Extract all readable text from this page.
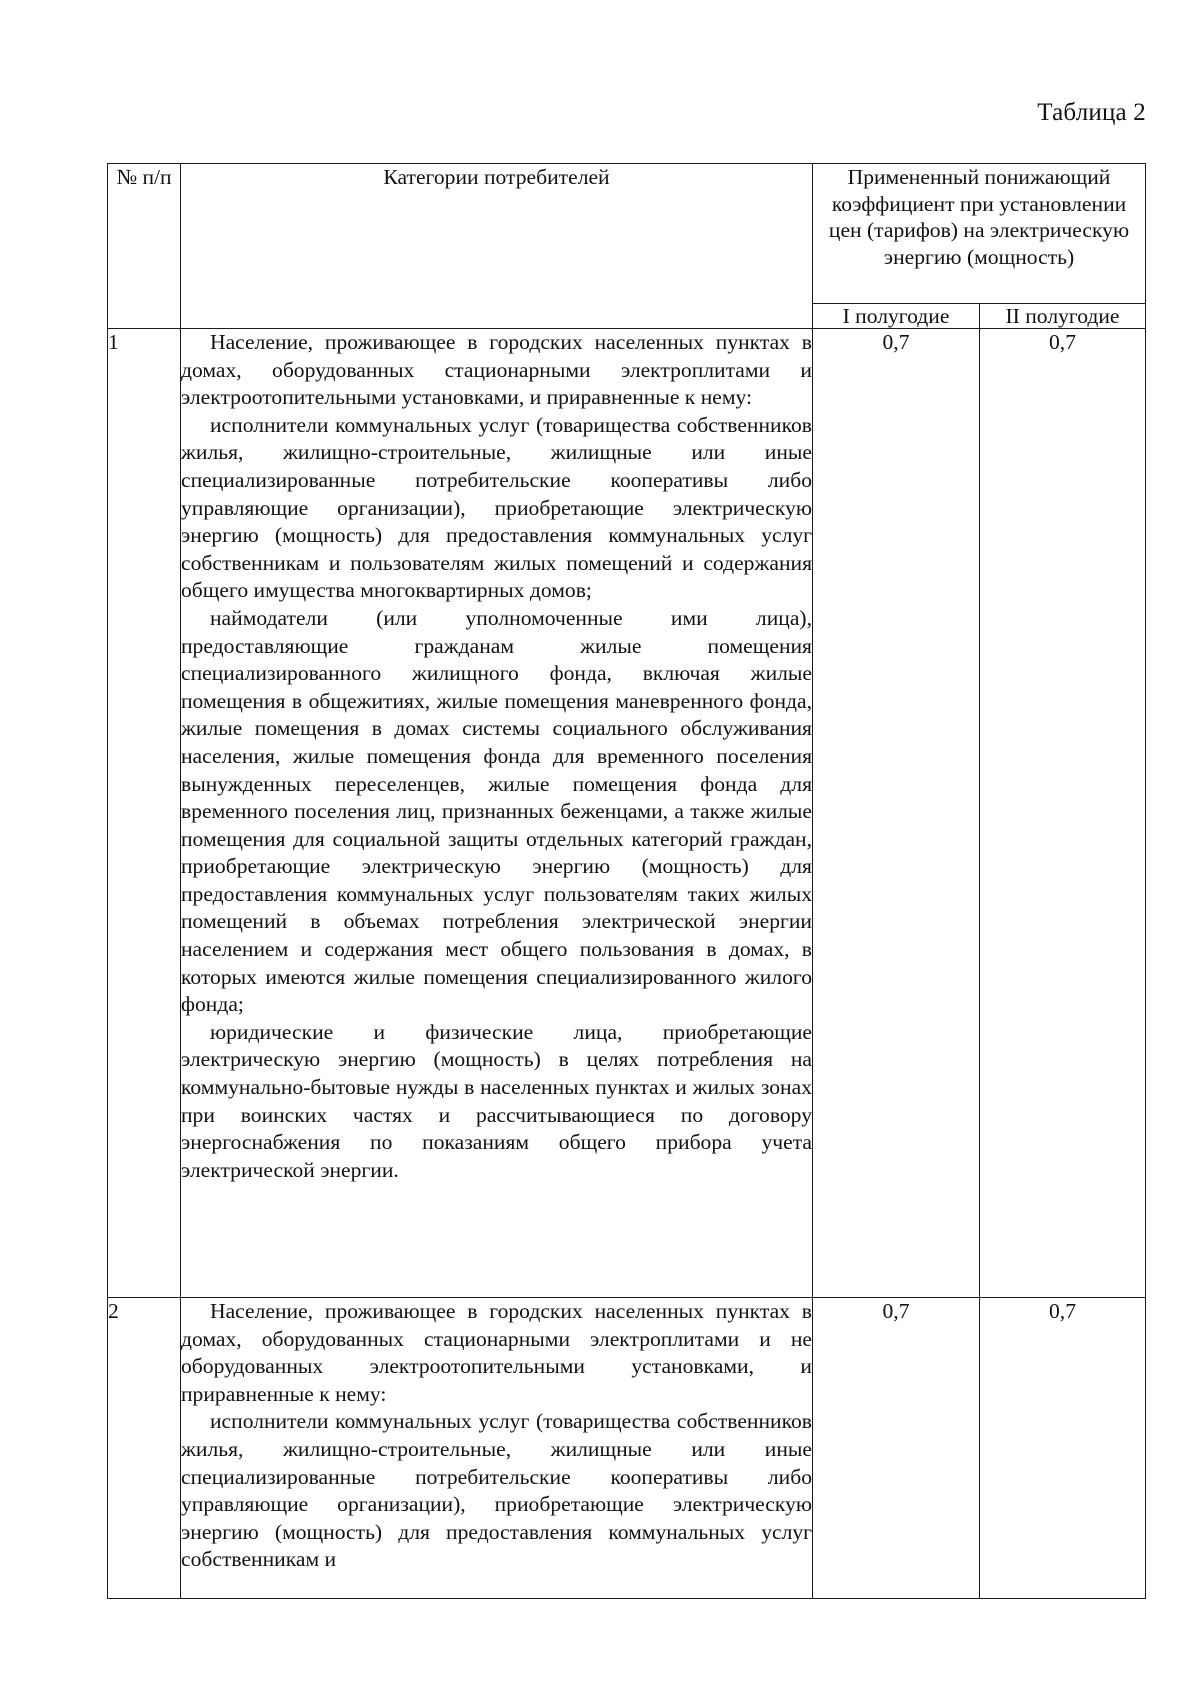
Таблица 2
№ п/п	Категории потребителей	Примененный понижающий коэффициент при установлении цен (тарифов) на электрическую энергию (мощность)	
		I полугодие	II полугодие
1	Население, проживающее в городских населенных пунктах в домах, оборудованных стационарными электроплитами и электроотопительными установками, и приравненные к нему:

исполнители коммунальных услуг (товарищества собственников жилья, жилищно-строительные, жилищные или иные специализированные потребительские кооперативы либо управляющие организации), приобретающие электрическую энергию (мощность) для предоставления коммунальных услуг собственникам и пользователям жилых помещений и содержания общего имущества многоквартирных домов;

наймодатели (или уполномоченные ими лица), предоставляющие гражданам жилые помещения специализированного жилищного фонда, включая жилые помещения в общежитиях, жилые помещения маневренного фонда, жилые помещения в домах системы социального обслуживания населения, жилые помещения фонда для временного поселения вынужденных переселенцев, жилые помещения фонда для временного поселения лиц, признанных беженцами, а также жилые помещения для социальной защиты отдельных категорий граждан, приобретающие электрическую энергию (мощность) для предоставления коммунальных услуг пользователям таких жилых помещений в объемах потребления электрической энергии населением и содержания мест общего пользования в домах, в которых имеются жилые помещения специализированного жилого фонда;

юридические и физические лица, приобретающие электрическую энергию (мощность) в целях потребления на коммунально-бытовые нужды в населенных пунктах и жилых зонах при воинских частях и рассчитывающиеся по договору энергоснабжения по показаниям общего прибора учета электрической энергии.	0,7	0,7
2	Население, проживающее в городских населенных пунктах в домах, оборудованных стационарными электроплитами и не оборудованных электроотопительными установками, и приравненные к нему:

исполнители коммунальных услуг (товарищества собственников жилья, жилищно-строительные, жилищные или иные специализированные потребительские кооперативы либо управляющие организации), приобретающие электрическую энергию (мощность) для предоставления коммунальных услуг собственникам и	0,7	0,7
